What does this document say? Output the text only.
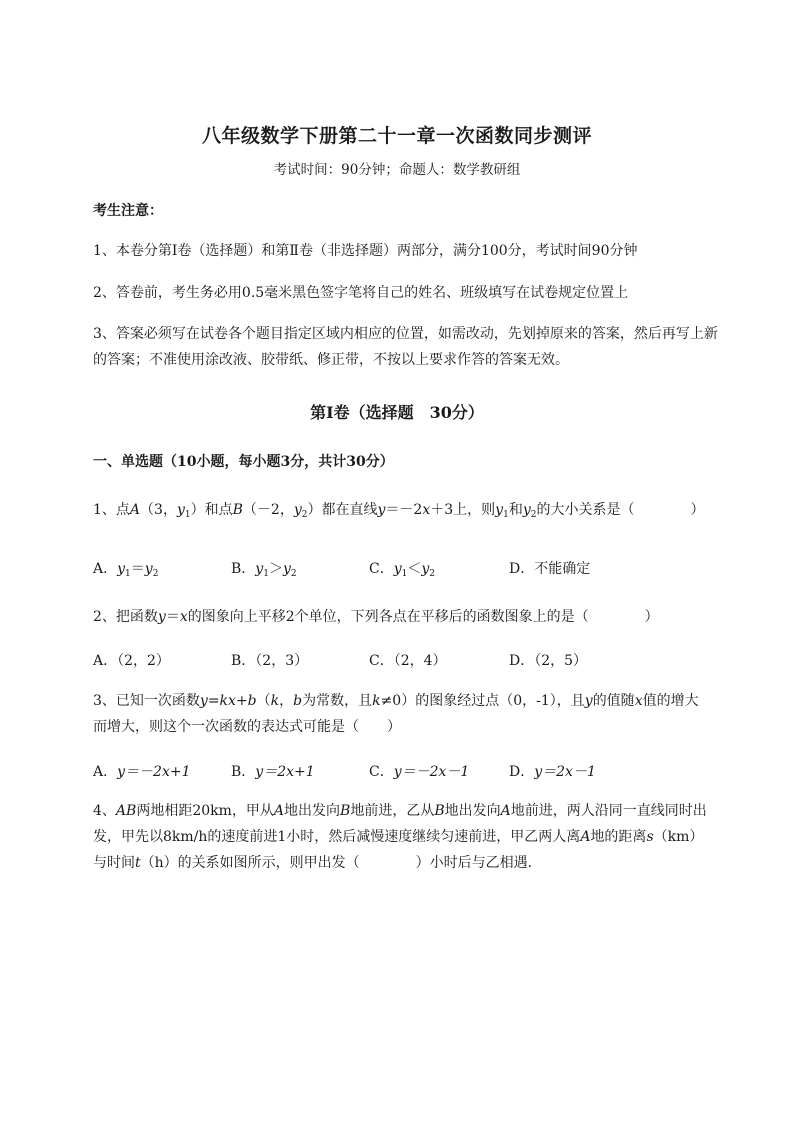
八年级数学下册第二十一章一次函数同步测评
考试时间：90分钟；命题人：数学教研组
考生注意：
1、本卷分第I卷（选择题）和第Ⅱ卷（非选择题）两部分，满分100分，考试时间90分钟
2、答卷前，考生务必用0.5毫米黑色签字笔将自己的姓名、班级填写在试卷规定位置上
3、答案必须写在试卷各个题目指定区域内相应的位置，如需改动，先划掉原来的答案，然后再写上新
的答案；不准使用涂改液、胶带纸、修正带，不按以上要求作答的答案无效。
第I卷（选择题　30分）
一、单选题（10小题，每小题3分，共计30分）
1、点A（3，$y_1$）和点B（－2，$y_2$）都在直线y＝－2x＋3上，则$y_1$和$y_2$的大小关系是（　　　　）
A．$y_1=y_2$	B．$y_1>y_2$	C．$y_1<y_2$	D．不能确定
2、把函数y＝x的图象向上平移2个单位，下列各点在平移后的函数图象上的是（　　　　）
A．（2，2）	B．（2，3）	C．（2，4）	D．（2，5）
3、已知一次函数y=kx+b（k，b为常数，且k≠0）的图象经过点（0，-1），且y的值随x值的增大
而增大，则这个一次函数的表达式可能是（　　）
A．y＝－2x+1	B．y＝2x+1	C．y＝－2x－1	D．y＝2x－1
4、AB两地相距20km，甲从A地出发向B地前进，乙从B地出发向A地前进，两人沿同一直线同时出
发，甲先以8km/h的速度前进1小时，然后减慢速度继续匀速前进，甲乙两人离A地的距离s（km）
与时间t（h）的关系如图所示，则甲出发（　　　　）小时后与乙相遇．
